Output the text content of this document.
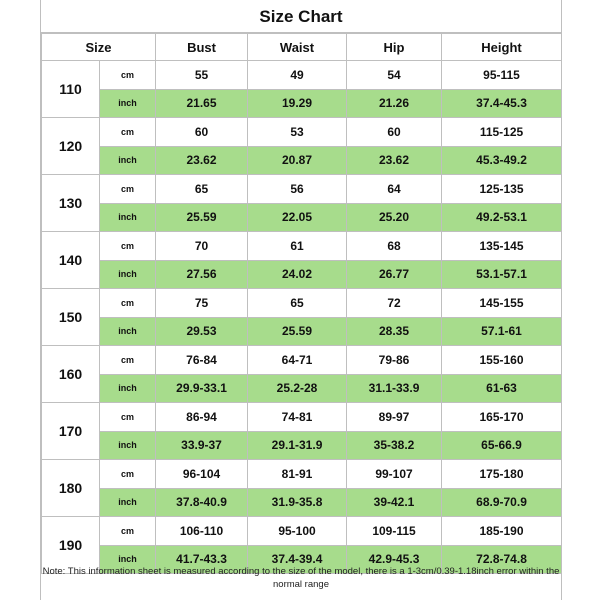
Size Chart
Size		Bust	Waist	Hip	Height
110	cm	55	49	54	95-115
	inch	21.65	19.29	21.26	37.4-45.3
120	cm	60	53	60	115-125
	inch	23.62	20.87	23.62	45.3-49.2
130	cm	65	56	64	125-135
	inch	25.59	22.05	25.20	49.2-53.1
140	cm	70	61	68	135-145
	inch	27.56	24.02	26.77	53.1-57.1
150	cm	75	65	72	145-155
	inch	29.53	25.59	28.35	57.1-61
160	cm	76-84	64-71	79-86	155-160
	inch	29.9-33.1	25.2-28	31.1-33.9	61-63
170	cm	86-94	74-81	89-97	165-170
	inch	33.9-37	29.1-31.9	35-38.2	65-66.9
180	cm	96-104	81-91	99-107	175-180
	inch	37.8-40.9	31.9-35.8	39-42.1	68.9-70.9
190	cm	106-110	95-100	109-115	185-190
	inch	41.7-43.3	37.4-39.4	42.9-45.3	72.8-74.8
Note: This information sheet is measured according to the size of the model, there is a 1-3cm/0.39-1.18inch error within the normal range
